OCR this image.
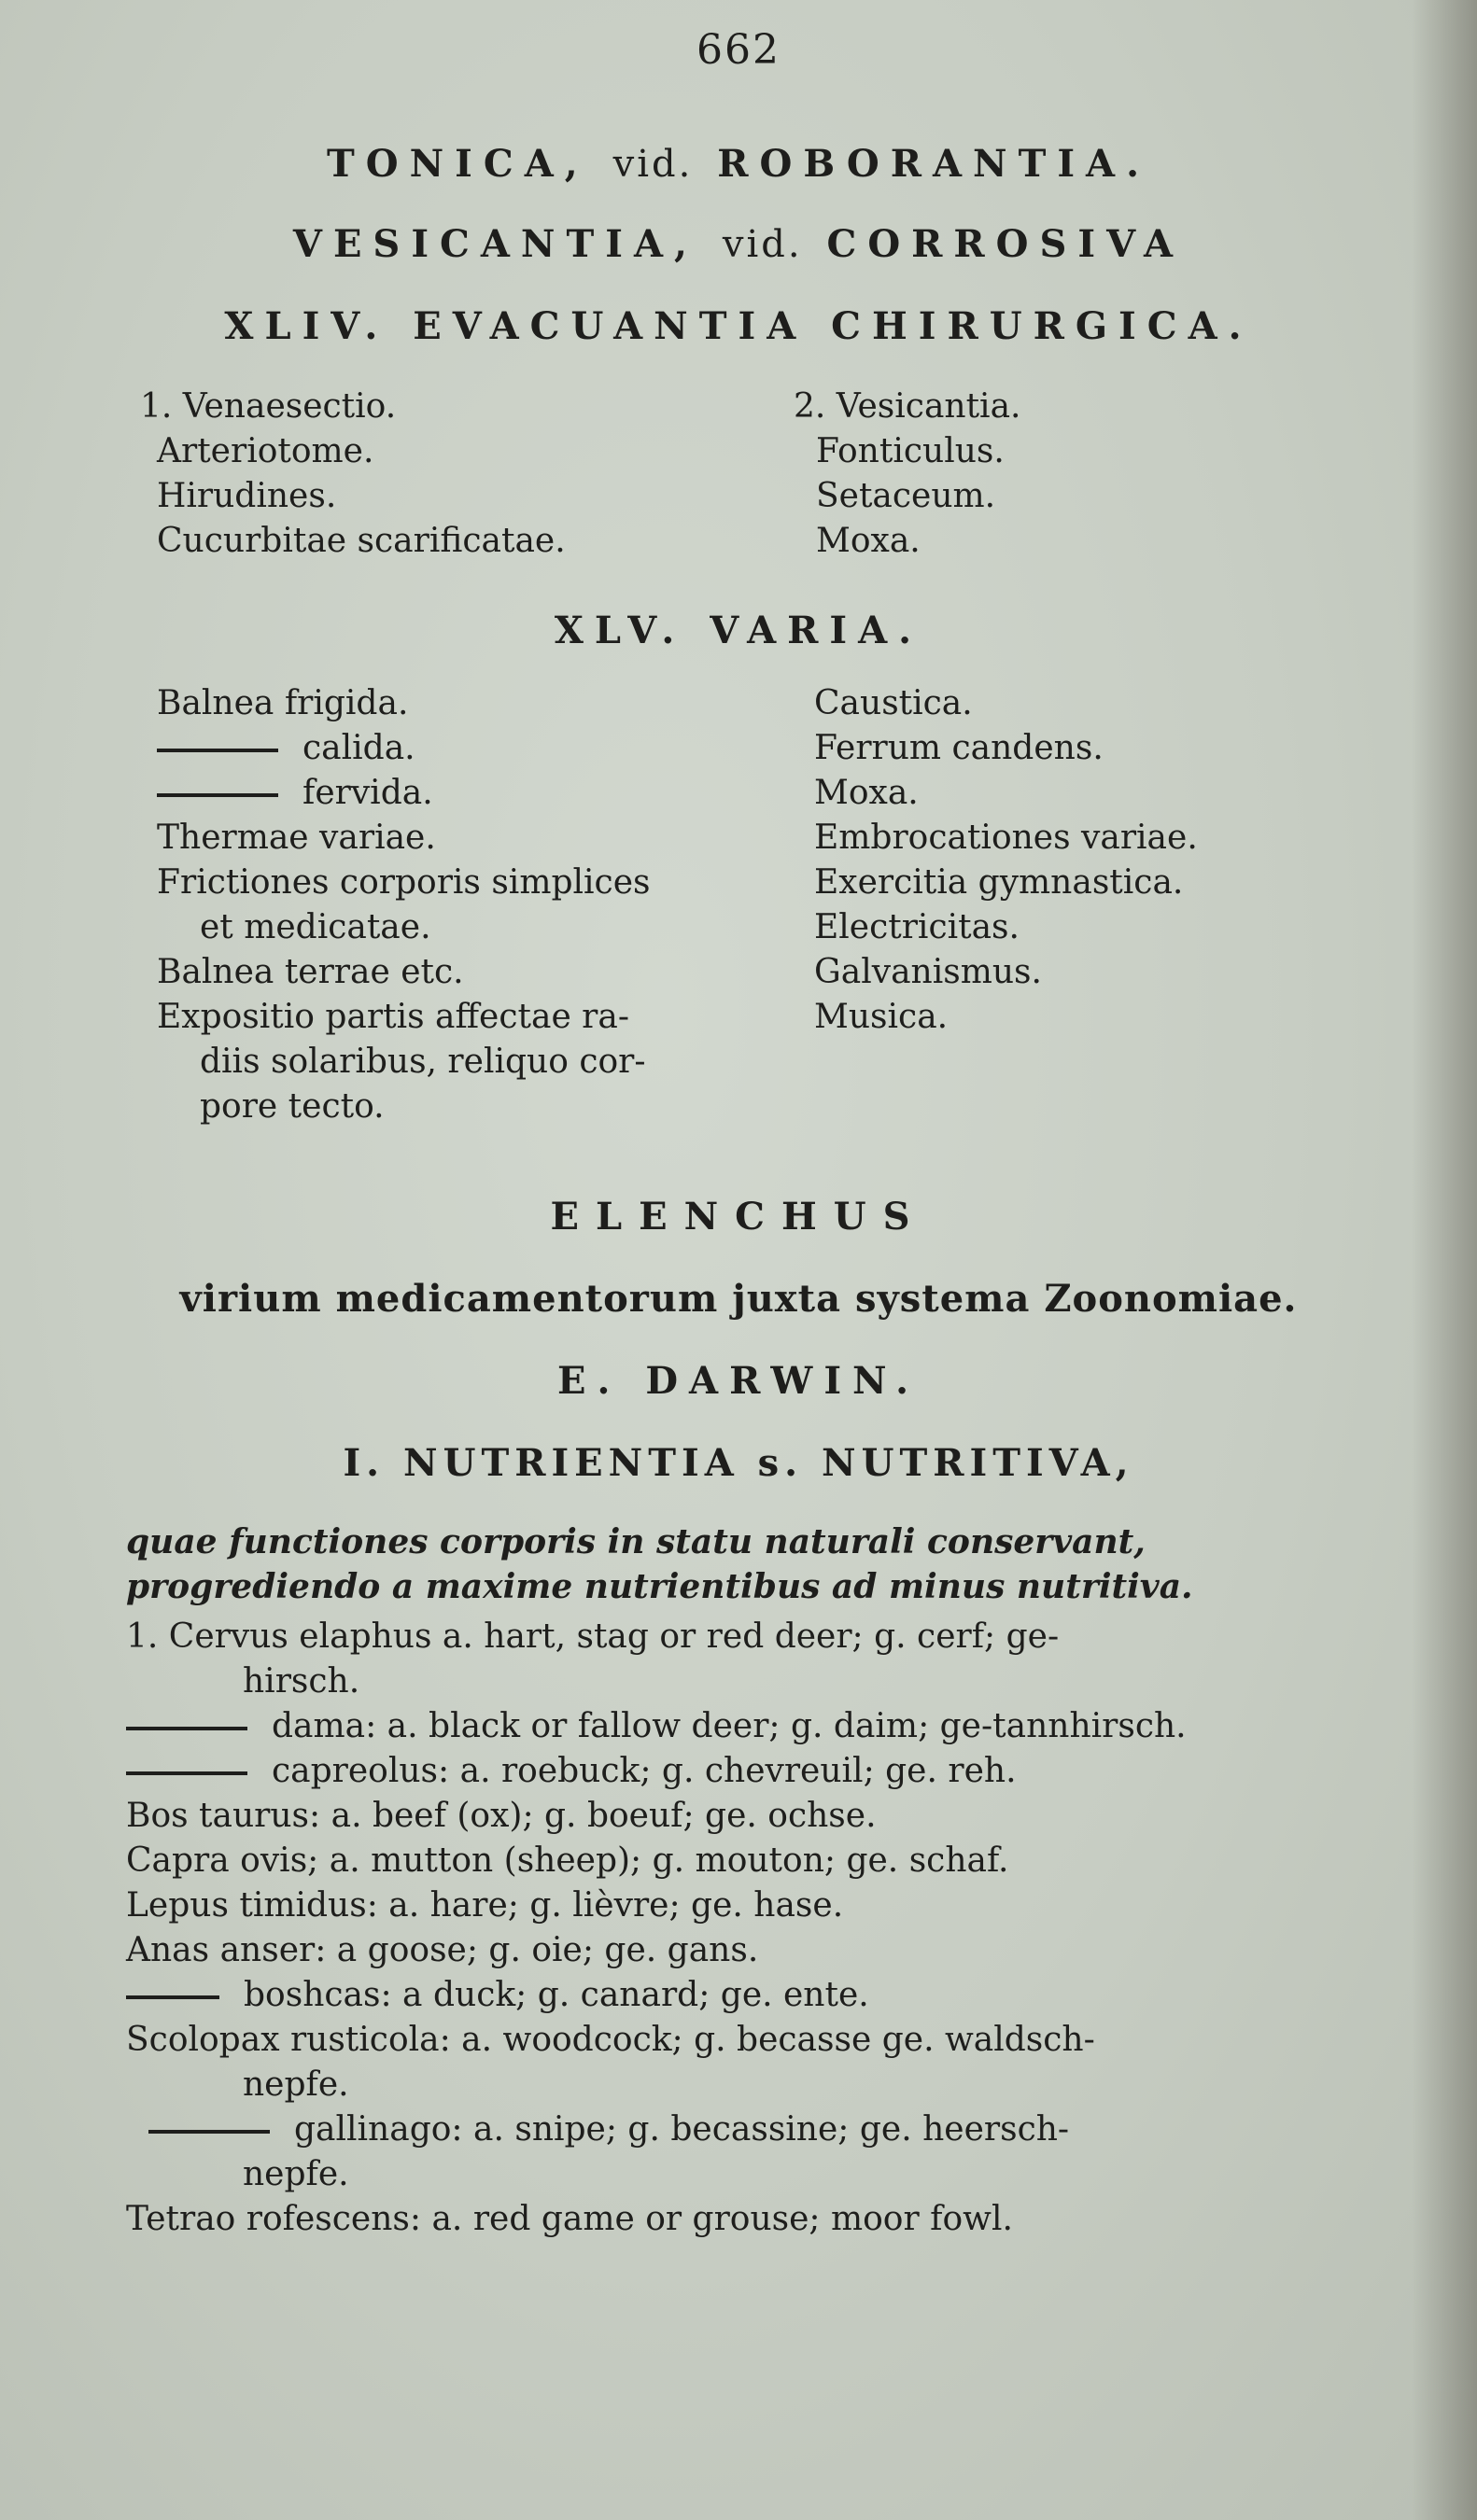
662
TONICA, vid. ROBORANTIA.
VESICANTIA, vid. CORROSIVA
XLIV. EVACUANTIA CHIRURGICA.
1. Venaesectio.
Arteriotome.
Hirudines.
Cucurbitae scarificatae.
2. Vesicantia.
Fonticulus.
Setaceum.
Moxa.
XLV. VARIA.
Balnea frigida.
calida.
fervida.
Thermae variae.
Frictiones corporis simplices
et medicatae.
Balnea terrae etc.
Expositio partis affectae ra-
diis solaribus, reliquo cor-
pore tecto.
Caustica.
Ferrum candens.
Moxa.
Embrocationes variae.
Exercitia gymnastica.
Electricitas.
Galvanismus.
Musica.
ELENCHUS
virium medicamentorum juxta systema Zoonomiae.
E. DARWIN.
I. NUTRIENTIA s. NUTRITIVA,
quae functiones corporis in statu naturali conservant,
progrediendo a maxime nutrientibus ad minus nutritiva.
1. Cervus elaphus a. hart, stag or red deer; g. cerf; ge-
hirsch.
dama: a. black or fallow deer; g. daim; ge-tannhirsch.
capreolus: a. roebuck; g. chevreuil; ge. reh.
Bos taurus: a. beef (ox); g. boeuf; ge. ochse.
Capra ovis; a. mutton (sheep); g. mouton; ge. schaf.
Lepus timidus: a. hare; g. lièvre; ge. hase.
Anas anser: a goose; g. oie; ge. gans.
boshcas: a duck; g. canard; ge. ente.
Scolopax rusticola: a. woodcock; g. becasse ge. waldsch-
nepfe.
gallinago: a. snipe; g. becassine; ge. heersch-
nepfe.
Tetrao rofescens: a. red game or grouse; moor fowl.
